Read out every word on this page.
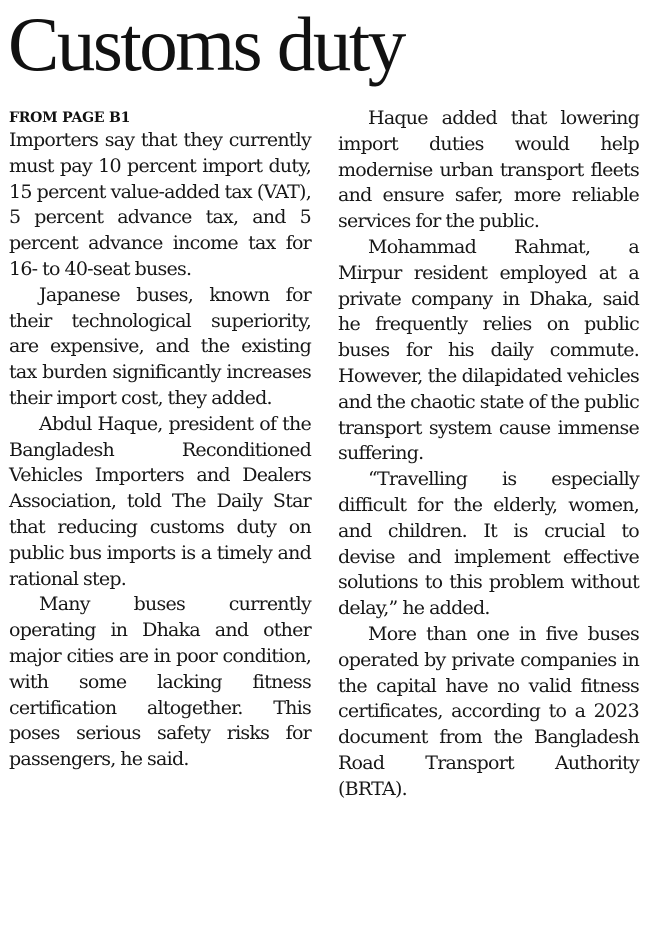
Customs duty

FROM PAGE B1

Importers say that they currently must pay 10 percent import duty, 15 percent value-added tax (VAT), 5 percent advance tax, and 5 percent advance income tax for 16- to 40-seat buses.

Japanese buses, known for their technological superiority, are expensive, and the existing tax burden significantly increases their import cost, they added.

Abdul Haque, president of the Bangladesh Reconditioned Vehicles Importers and Dealers Association, told The Daily Star that reducing customs duty on public bus imports is a timely and rational step.

Many buses currently operating in Dhaka and other major cities are in poor condition, with some lacking fitness certification altogether. This poses serious safety risks for passengers, he said.

Haque added that lowering import duties would help modernise urban transport fleets and ensure safer, more reliable services for the public.

Mohammad Rahmat, a Mirpur resident employed at a private company in Dhaka, said he frequently relies on public buses for his daily commute. However, the dilapidated vehicles and the chaotic state of the public transport system cause immense suffering.

“Travelling is especially difficult for the elderly, women, and children. It is crucial to devise and implement effective solutions to this problem without delay,” he added.

More than one in five buses operated by private companies in the capital have no valid fitness certificates, according to a 2023 document from the Bangladesh Road Transport Authority (BRTA).
